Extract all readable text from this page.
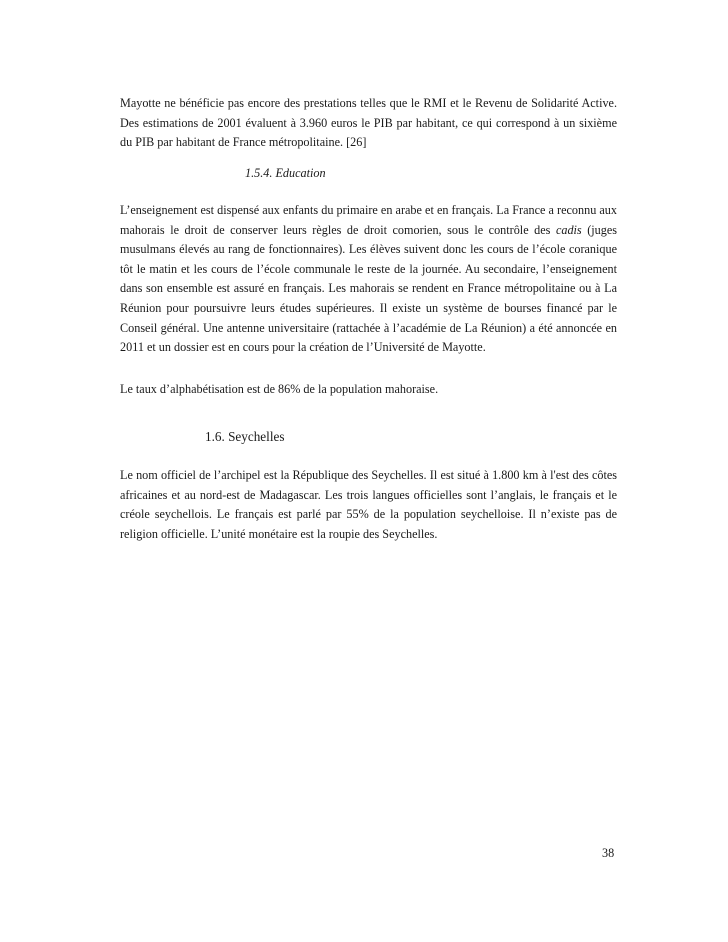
Mayotte ne bénéficie pas encore des prestations telles que le RMI et le Revenu de Solidarité Active. Des estimations de 2001 évaluent à 3.960 euros le PIB par habitant, ce qui correspond à un sixième du PIB par habitant de France métropolitaine. [26]

1.5.4. Education

L’enseignement est dispensé aux enfants du primaire en arabe et en français. La France a reconnu aux mahorais le droit de conserver leurs règles de droit comorien, sous le contrôle des cadis (juges musulmans élevés au rang de fonctionnaires). Les élèves suivent donc les cours de l’école coranique tôt le matin et les cours de l’école communale le reste de la journée. Au secondaire, l’enseignement dans son ensemble est assuré en français. Les mahorais se rendent en France métropolitaine ou à La Réunion pour poursuivre leurs études supérieures. Il existe un système de bourses financé par le Conseil général. Une antenne universitaire (rattachée à l’académie de La Réunion) a été annoncée en 2011 et un dossier est en cours pour la création de l’Université de Mayotte.

Le taux d’alphabétisation est de 86% de la population mahoraise.

1.6. Seychelles

Le nom officiel de l’archipel est la République des Seychelles. Il est situé à 1.800 km à l'est des côtes africaines et au nord-est de Madagascar. Les trois langues officielles sont l’anglais, le français et le créole seychellois. Le français est parlé par 55% de la population seychelloise. Il n’existe pas de religion officielle. L’unité monétaire est la roupie des Seychelles.

38
